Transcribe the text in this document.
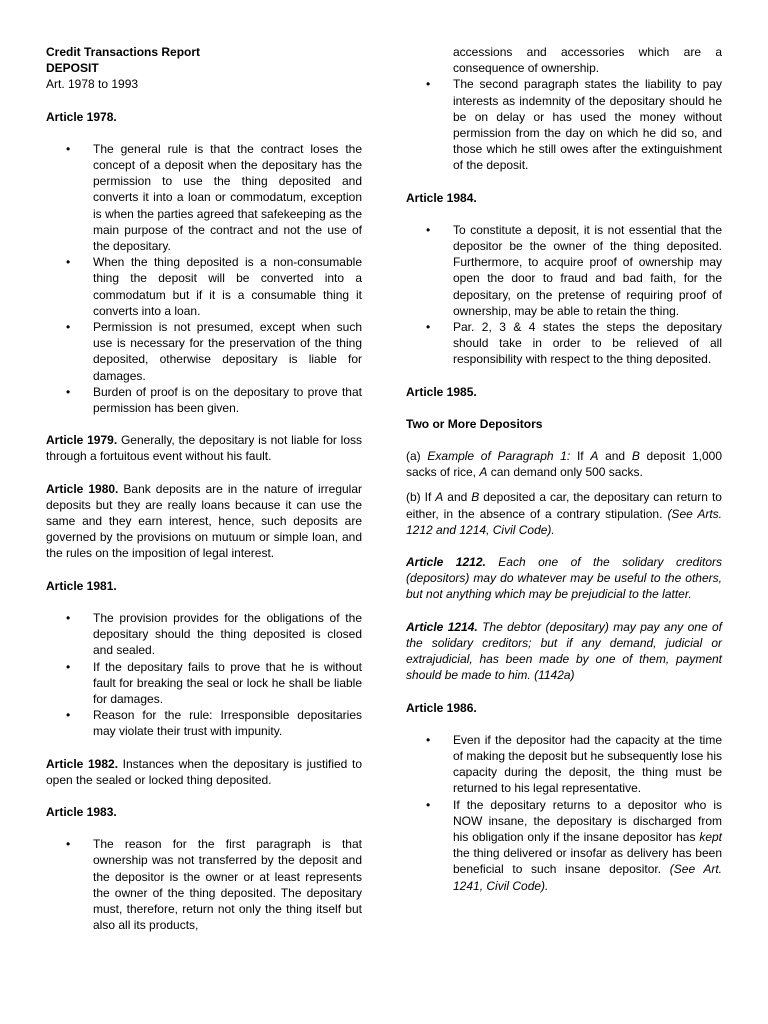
Credit Transactions Report

DEPOSIT

Art. 1978 to 1993

Article 1978.

• The general rule is that the contract loses the concept of a deposit when the depositary has the permission to use the thing deposited and converts it into a loan or commodatum, exception is when the parties agreed that safekeeping as the main purpose of the contract and not the use of the depositary.
• When the thing deposited is a non-consumable thing the deposit will be converted into a commodatum but if it is a consumable thing it converts into a loan.
• Permission is not presumed, except when such use is necessary for the preservation of the thing deposited, otherwise depositary is liable for damages.
• Burden of proof is on the depositary to prove that permission has been given.

Article 1979. Generally, the depositary is not liable for loss through a fortuitous event without his fault.

Article 1980. Bank deposits are in the nature of irregular deposits but they are really loans because it can use the same and they earn interest, hence, such deposits are governed by the provisions on mutuum or simple loan, and the rules on the imposition of legal interest.

Article 1981.

• The provision provides for the obligations of the depositary should the thing deposited is closed and sealed.
• If the depositary fails to prove that he is without fault for breaking the seal or lock he shall be liable for damages.
• Reason for the rule: Irresponsible depositaries may violate their trust with impunity.

Article 1982. Instances when the depositary is justified to open the sealed or locked thing deposited.

Article 1983.

• The reason for the first paragraph is that ownership was not transferred by the deposit and the depositor is the owner or at least represents the owner of the thing deposited. The depositary must, therefore, return not only the thing itself but also all its products,
accessions and accessories which are a consequence of ownership.
• The second paragraph states the liability to pay interests as indemnity of the depositary should he be on delay or has used the money without permission from the day on which he did so, and those which he still owes after the extinguishment of the deposit.

Article 1984.

• To constitute a deposit, it is not essential that the depositor be the owner of the thing deposited. Furthermore, to acquire proof of ownership may open the door to fraud and bad faith, for the depositary, on the pretense of requiring proof of ownership, may be able to retain the thing.
• Par. 2, 3 & 4 states the steps the depositary should take in order to be relieved of all responsibility with respect to the thing deposited.

Article 1985.

Two or More Depositors

(a) Example of Paragraph 1: If A and B deposit 1,000 sacks of rice, A can demand only 500 sacks.

(b) If A and B deposited a car, the depositary can return to either, in the absence of a contrary stipulation. (See Arts. 1212 and 1214, Civil Code).

Article 1212. Each one of the solidary creditors (depositors) may do whatever may be useful to the others, but not anything which may be prejudicial to the latter.

Article 1214. The debtor (depositary) may pay any one of the solidary creditors; but if any demand, judicial or extrajudicial, has been made by one of them, payment should be made to him. (1142a)

Article 1986.

• Even if the depositor had the capacity at the time of making the deposit but he subsequently lose his capacity during the deposit, the thing must be returned to his legal representative.
• If the depositary returns to a depositor who is NOW insane, the depositary is discharged from his obligation only if the insane depositor has kept the thing delivered or insofar as delivery has been beneficial to such insane depositor. (See Art. 1241, Civil Code).
